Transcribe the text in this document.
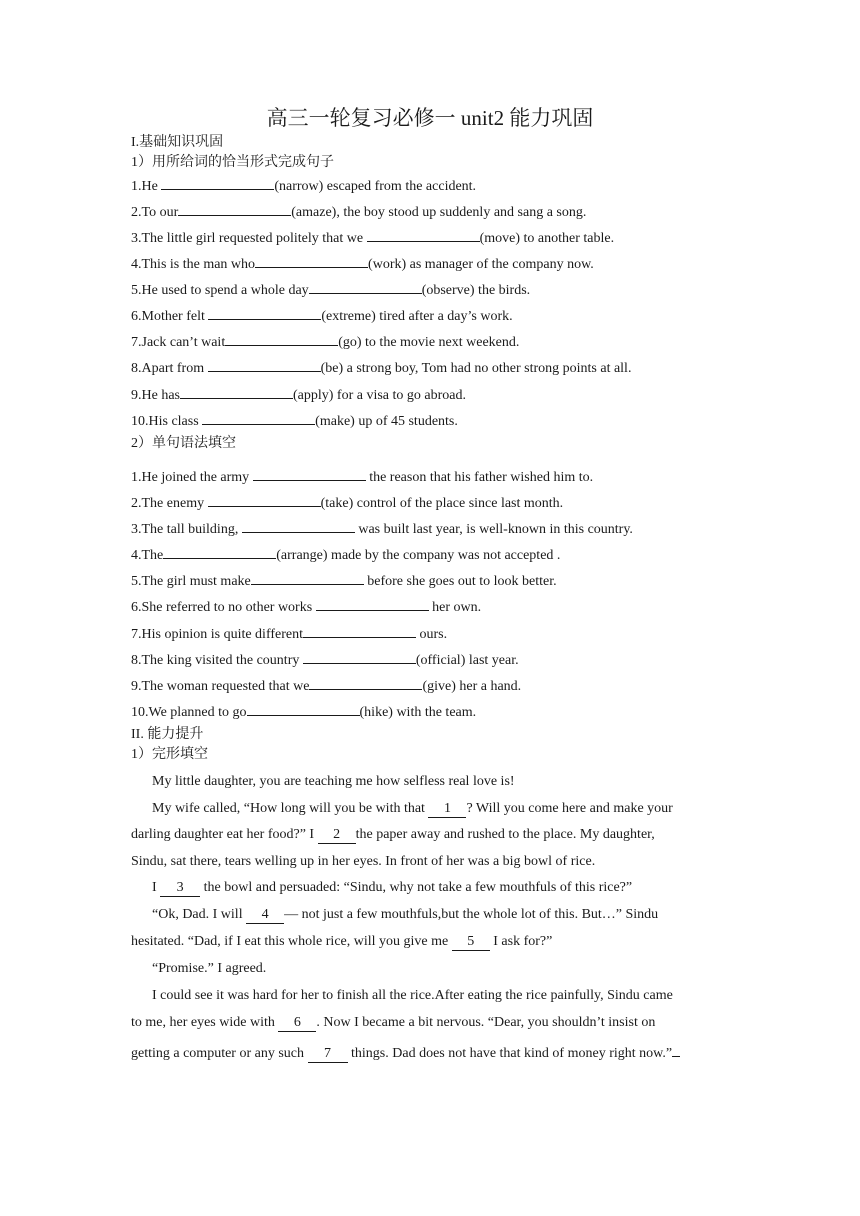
高三一轮复习必修一 unit2 能力巩固
I.基础知识巩固
1）用所给词的恰当形式完成句子
1.He	(narrow) escaped from the accident.
2.To our	(amaze), the boy stood up suddenly and sang a song.
3.The little girl requested politely that we	(move) to another table.
4.This is the man who	(work) as manager of the company now.
5.He used to spend a whole day	(observe) the birds.
6.Mother felt	(extreme) tired after a day’s work.
7.Jack can’t wait	(go) to the movie next weekend.
8.Apart from	(be) a strong boy, Tom had no other strong points at all.
9.He has	(apply) for a visa to go abroad.
10.His class	(make) up of 45 students.
2）单句语法填空
1.He joined the army	the reason that his father wished him to.
2.The enemy	(take) control of the place since last month.
3.The tall building,	was built last year, is well-known in this country.
4.The	(arrange) made by the company was not accepted .
5.The girl must make	before she goes out to look better.
6.She referred to no other works	her own.
7.His opinion is quite different	ours.
8.The king visited the country	(official) last year.
9.The woman requested that we	(give) her a hand.
10.We planned to go	(hike) with the team.
II. 能力提升
1）完形填空
My little daughter, you are teaching me how selfless real love is!
My wife called, “How long will you be with that 1 ? Will you come here and make your
darling daughter eat her food?” I 2 the paper away and rushed to the place. My daughter,
Sindu, sat there, tears welling up in her eyes. In front of her was a big bowl of rice.
I 3 the bowl and persuaded: “Sindu, why not take a few mouthfuls of this rice?”
“Ok, Dad. I will 4 — not just a few mouthfuls,but the whole lot of this. But…” Sindu
hesitated. “Dad, if I eat this whole rice, will you give me 5 I ask for?”
“Promise.” I agreed.
I could see it was hard for her to finish all the rice.After eating the rice painfully, Sindu came
to me, her eyes wide with 6 . Now I became a bit nervous. “Dear, you shouldn’t insist on
getting a computer or any such 7 things. Dad does not have that kind of money right now.”
